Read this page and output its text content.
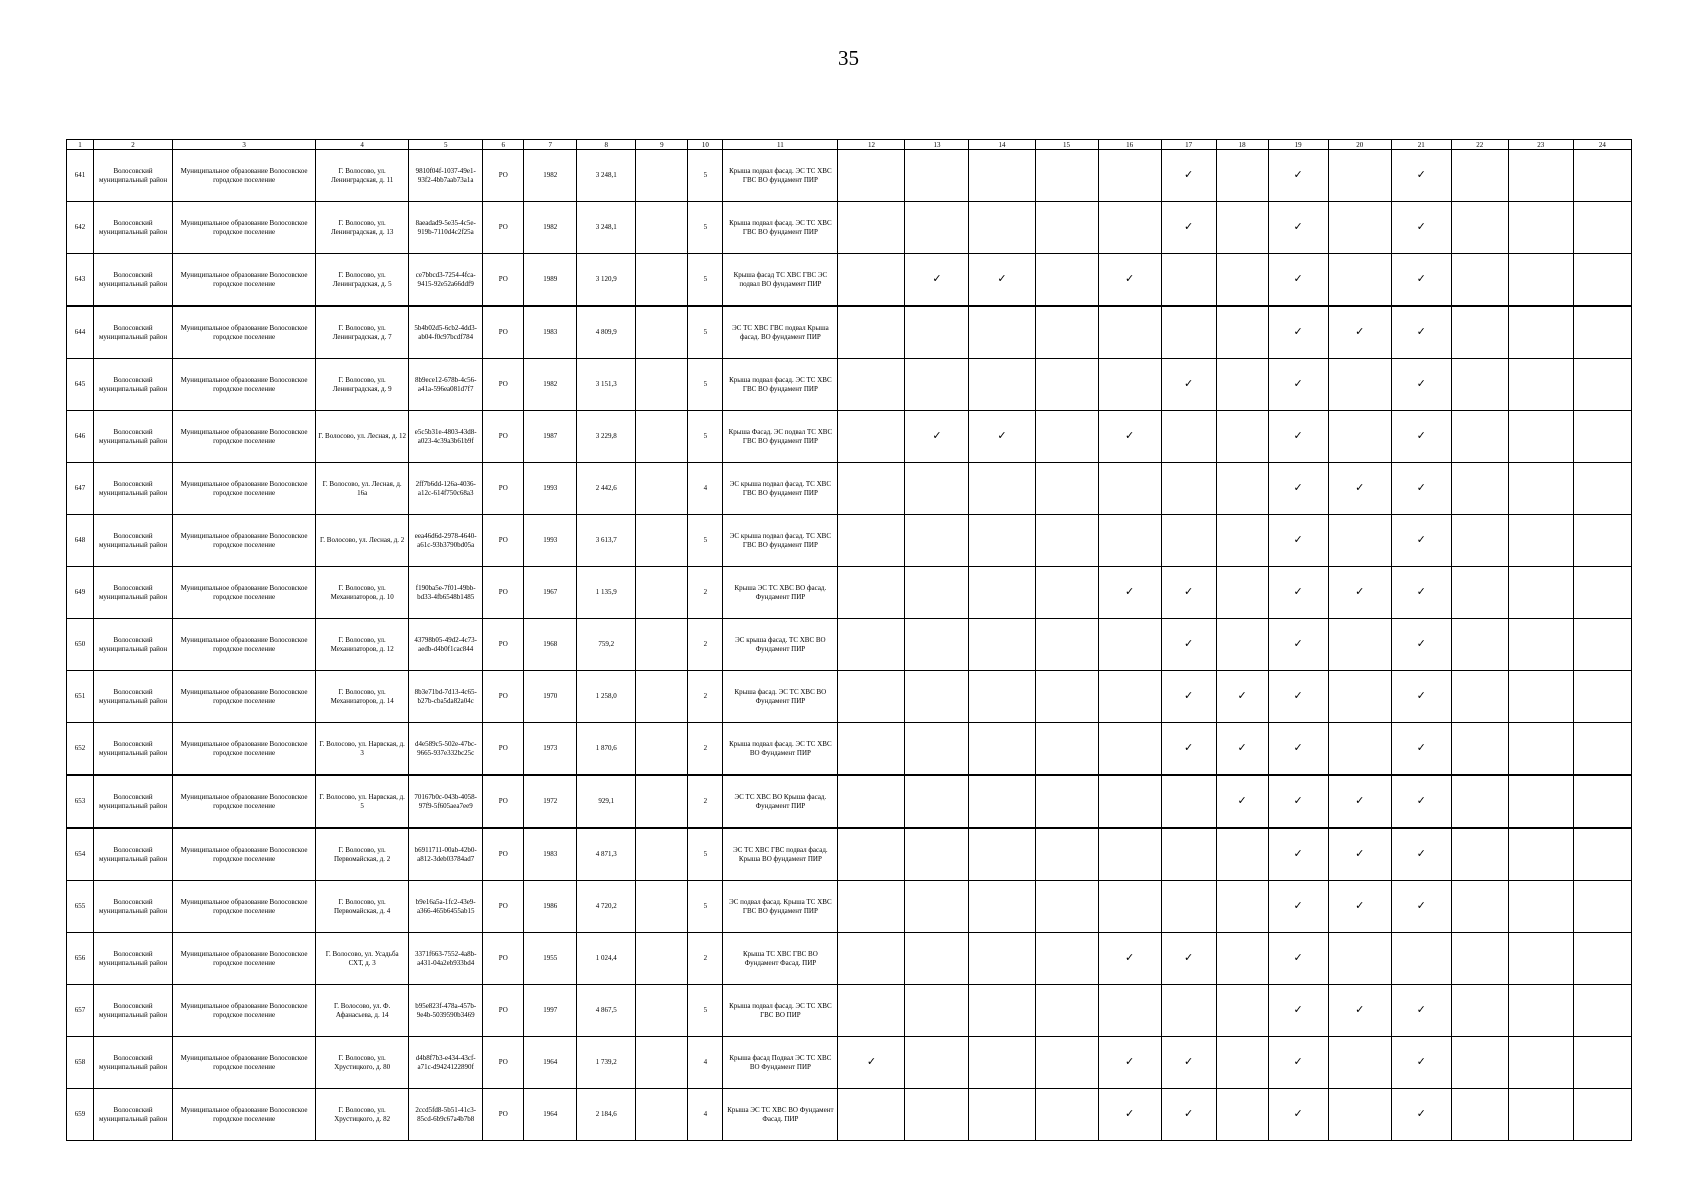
35
1	2	3	4	5	6	7	8	9	10	11	12	13	14	15	16	17	18	19	20	21	22	23	24
641	Волосовский муниципальный район	Муниципальное образование Волосовское городское поселение	Г. Волосово, ул. Ленинградская, д. 11	9810f04f-1037-49e1-93f2-4bb7aab73a1a	РО	1982	3 248,1		5	Крыша подвал фасад. ЭС ТС ХВС ГВС ВО фундамент ПИР						✓		✓		✓			
642	Волосовский муниципальный район	Муниципальное образование Волосовское городское поселение	Г. Волосово, ул. Ленинградская, д. 13	8aeadad9-5e35-4c5e-919b-7110d4c2f25a	РО	1982	3 248,1		5	Крыша подвал фасад. ЭС ТС ХВС ГВС ВО фундамент ПИР						✓		✓		✓			
643	Волосовский муниципальный район	Муниципальное образование Волосовское городское поселение	Г. Волосово, ул. Ленинградская, д. 5	ce7bbcd3-7254-4fca-9415-92e52a66ddf9	РО	1989	3 120,9		5	Крыша фасад ТС ХВС ГВС ЭС подвал ВО фундамент ПИР		✓	✓		✓			✓		✓			
644	Волосовский муниципальный район	Муниципальное образование Волосовское городское поселение	Г. Волосово, ул. Ленинградская, д. 7	5b4b02d5-6cb2-4dd3-ab04-f0c97bcdf784	РО	1983	4 809,9		5	ЭС ТС ХВС ГВС подвал Крыша фасад. ВО фундамент ПИР								✓	✓	✓			
645	Волосовский муниципальный район	Муниципальное образование Волосовское городское поселение	Г. Волосово, ул. Ленинградская, д. 9	8b9ece12-678b-4c56-a41a-596ea081d7f7	РО	1982	3 151,3		5	Крыша подвал фасад. ЭС ТС ХВС ГВС ВО фундамент ПИР						✓		✓		✓			
646	Волосовский муниципальный район	Муниципальное образование Волосовское городское поселение	Г. Волосово, ул. Лесная, д. 12	e5c5b31e-4803-43d8-a023-4c39a3b61b9f	РО	1987	3 229,8		5	Крыша Фасад. ЭС подвал ТС ХВС ГВС ВО фундамент ПИР		✓	✓		✓			✓		✓			
647	Волосовский муниципальный район	Муниципальное образование Волосовское городское поселение	Г. Волосово, ул. Лесная, д. 16а	2ff7b6dd-126a-4036-a12c-614f750c68a3	РО	1993	2 442,6		4	ЭС крыша подвал фасад. ТС ХВС ГВС ВО фундамент ПИР								✓	✓	✓			
648	Волосовский муниципальный район	Муниципальное образование Волосовское городское поселение	Г. Волосово, ул. Лесная, д. 2	eea46d6d-2978-4640-a61c-93b3790bd05a	РО	1993	3 613,7		5	ЭС крыша подвал фасад. ТС ХВС ГВС ВО фундамент ПИР								✓		✓			
649	Волосовский муниципальный район	Муниципальное образование Волосовское городское поселение	Г. Волосово, ул. Механизаторов, д. 10	f190ba5e-7f01-49bb-bd33-4fb6548b1485	РО	1967	1 135,9		2	Крыша ЭС ТС ХВС ВО фасад. Фундамент ПИР					✓	✓		✓	✓	✓			
650	Волосовский муниципальный район	Муниципальное образование Волосовское городское поселение	Г. Волосово, ул. Механизаторов, д. 12	43798b05-49d2-4c73-aedb-d4b0f1cac844	РО	1968	759,2		2	ЭС крыша фасад. ТС ХВС ВО Фундамент ПИР						✓		✓		✓			
651	Волосовский муниципальный район	Муниципальное образование Волосовское городское поселение	Г. Волосово, ул. Механизаторов, д. 14	8b3e71bd-7d13-4c65-b27b-cba5da82a04c	РО	1970	1 258,0		2	Крыша фасад. ЭС ТС ХВС ВО Фундамент ПИР						✓	✓	✓		✓			
652	Волосовский муниципальный район	Муниципальное образование Волосовское городское поселение	Г. Волосово, ул. Нарвская, д. 3	d4e589c5-502e-47bc-9665-937e332bc25c	РО	1973	1 870,6		2	Крыша подвал фасад. ЭС ТС ХВС ВО Фундамент ПИР						✓	✓	✓		✓			
653	Волосовский муниципальный район	Муниципальное образование Волосовское городское поселение	Г. Волосово, ул. Нарвская, д. 5	70167b0c-043b-4058-97f9-5f605aea7ee9	РО	1972	929,1		2	ЭС ТС ХВС ВО Крыша фасад. Фундамент ПИР							✓	✓	✓	✓			
654	Волосовский муниципальный район	Муниципальное образование Волосовское городское поселение	Г. Волосово, ул. Первомайская, д. 2	b6911711-00ab-42b0-a812-3deb03784ad7	РО	1983	4 871,3		5	ЭС ТС ХВС ГВС подвал фасад. Крыша ВО фундамент ПИР								✓	✓	✓			
655	Волосовский муниципальный район	Муниципальное образование Волосовское городское поселение	Г. Волосово, ул. Первомайская, д. 4	b9e16a5a-1fc2-43e9-a366-465b6455ab15	РО	1986	4 720,2		5	ЭС подвал фасад. Крыша ТС ХВС ГВС ВО фундамент ПИР								✓	✓	✓			
656	Волосовский муниципальный район	Муниципальное образование Волосовское городское поселение	Г. Волосово, ул. Усадьба СХТ, д. 3	3371f663-7552-4a8b-a431-04a2eb933bd4	РО	1955	1 024,4		2	Крыша ТС ХВС ГВС ВО Фундамент Фасад. ПИР					✓	✓		✓					
657	Волосовский муниципальный район	Муниципальное образование Волосовское городское поселение	Г. Волосово, ул. Ф. Афанасьева, д. 14	b95e823f-478a-457b-9e4b-5039590b3469	РО	1997	4 867,5		5	Крыша подвал фасад. ЭС ТС ХВС ГВС ВО ПИР								✓	✓	✓			
658	Волосовский муниципальный район	Муниципальное образование Волосовское городское поселение	Г. Волосово, ул. Хрустицкого, д. 80	d4b8f7b3-e434-43cf-a71c-d9424122890f	РО	1964	1 739,2		4	Крыша фасад Подвал ЭС ТС ХВС ВО Фундамент ПИР	✓				✓	✓		✓		✓			
659	Волосовский муниципальный район	Муниципальное образование Волосовское городское поселение	Г. Волосово, ул. Хрустицкого, д. 82	2ccd5fd8-5b51-41c3-85cd-6b9c67a4b7b8	РО	1964	2 184,6		4	Крыша ЭС ТС ХВС ВО Фундамент Фасад. ПИР					✓	✓		✓		✓			
